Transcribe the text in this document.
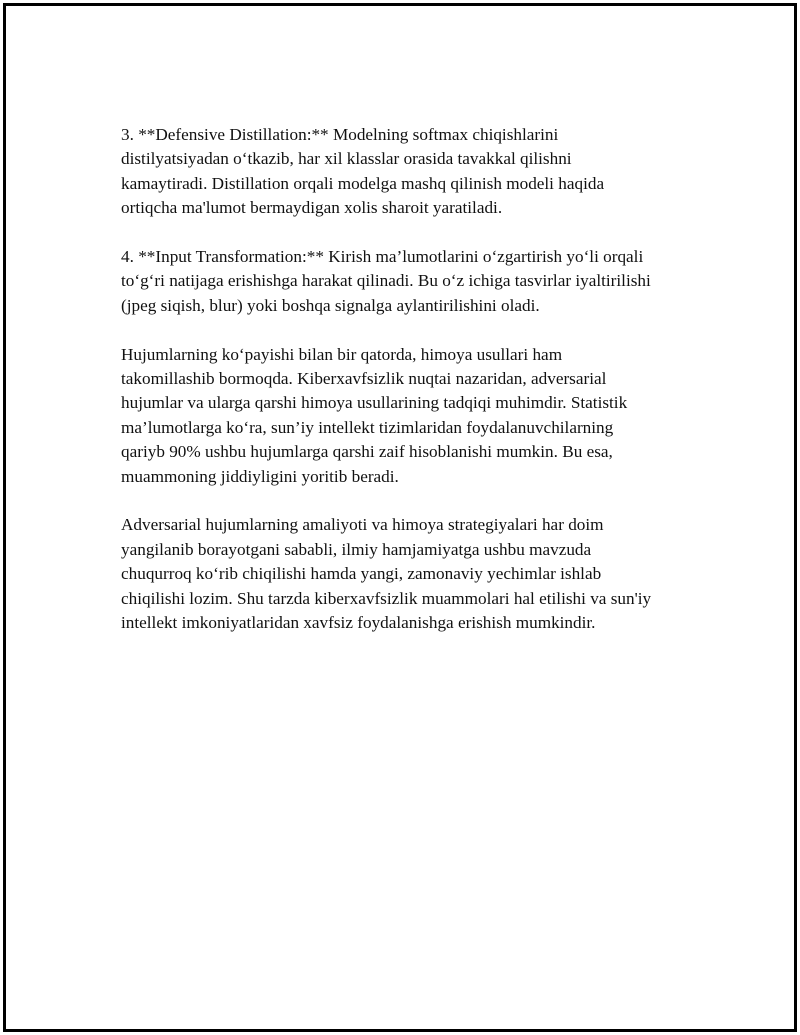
3. **Defensive Distillation:** Modelning softmax chiqishlarini
distilyatsiyadan oʻtkazib, har xil klasslar orasida tavakkal qilishni
kamaytiradi. Distillation orqali modelga mashq qilinish modeli haqida
ortiqcha ma'lumot bermaydigan xolis sharoit yaratiladi.

4. **Input Transformation:** Kirish ma’lumotlarini oʻzgartirish yoʻli orqali
toʻgʻri natijaga erishishga harakat qilinadi. Bu oʻz ichiga tasvirlar iyaltirilishi
(jpeg siqish, blur) yoki boshqa signalga aylantirilishini oladi.

Hujumlarning koʻpayishi bilan bir qatorda, himoya usullari ham
takomillashib bormoqda. Kiberxavfsizlik nuqtai nazaridan, adversarial
hujumlar va ularga qarshi himoya usullarining tadqiqi muhimdir. Statistik
ma’lumotlarga koʻra, sun’iy intellekt tizimlaridan foydalanuvchilarning
qariyb 90% ushbu hujumlarga qarshi zaif hisoblanishi mumkin. Bu esa,
muammoning jiddiyligini yoritib beradi.

Adversarial hujumlarning amaliyoti va himoya strategiyalari har doim
yangilanib borayotgani sababli, ilmiy hamjamiyatga ushbu mavzuda
chuqurroq koʻrib chiqilishi hamda yangi, zamonaviy yechimlar ishlab
chiqilishi lozim. Shu tarzda kiberxavfsizlik muammolari hal etilishi va sun'iy
intellekt imkoniyatlaridan xavfsiz foydalanishga erishish mumkindir.
